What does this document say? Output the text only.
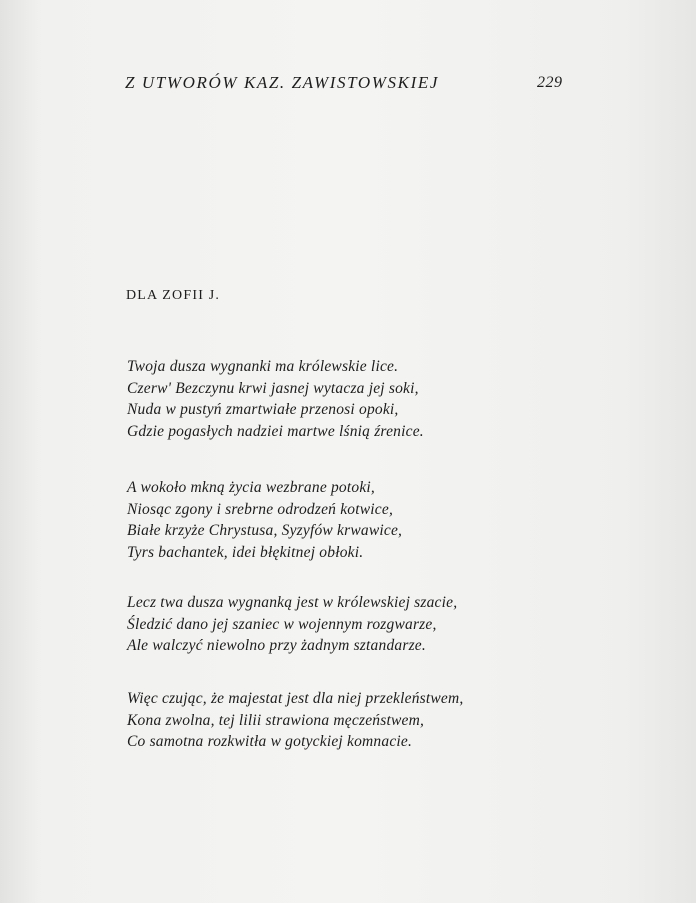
Z UTWORÓW KAZ. ZAWISTOWSKIEJ	229
DLA ZOFII J.
Twoja dusza wygnanki ma królewskie lice.
Czerw' Bezczynu krwi jasnej wytacza jej soki,
Nuda w pustyń zmartwiałe przenosi opoki,
Gdzie pogasłych nadziei martwe lśnią źrenice.
A wokoło mkną życia wezbrane potoki,
Niosąc zgony i srebrne odrodzeń kotwice,
Białe krzyże Chrystusa, Syzyfów krwawice,
Tyrs bachantek, idei błękitnej obłoki.
Lecz twa dusza wygnanką jest w królewskiej szacie,
Śledzić dano jej szaniec w wojennym rozgwarze,
Ale walczyć niewolno przy żadnym sztandarze.
Więc czując, że majestat jest dla niej przekleństwem,
Kona zwolna, tej lilii strawiona męczeństwem,
Co samotna rozkwitła w gotyckiej komnacie.
